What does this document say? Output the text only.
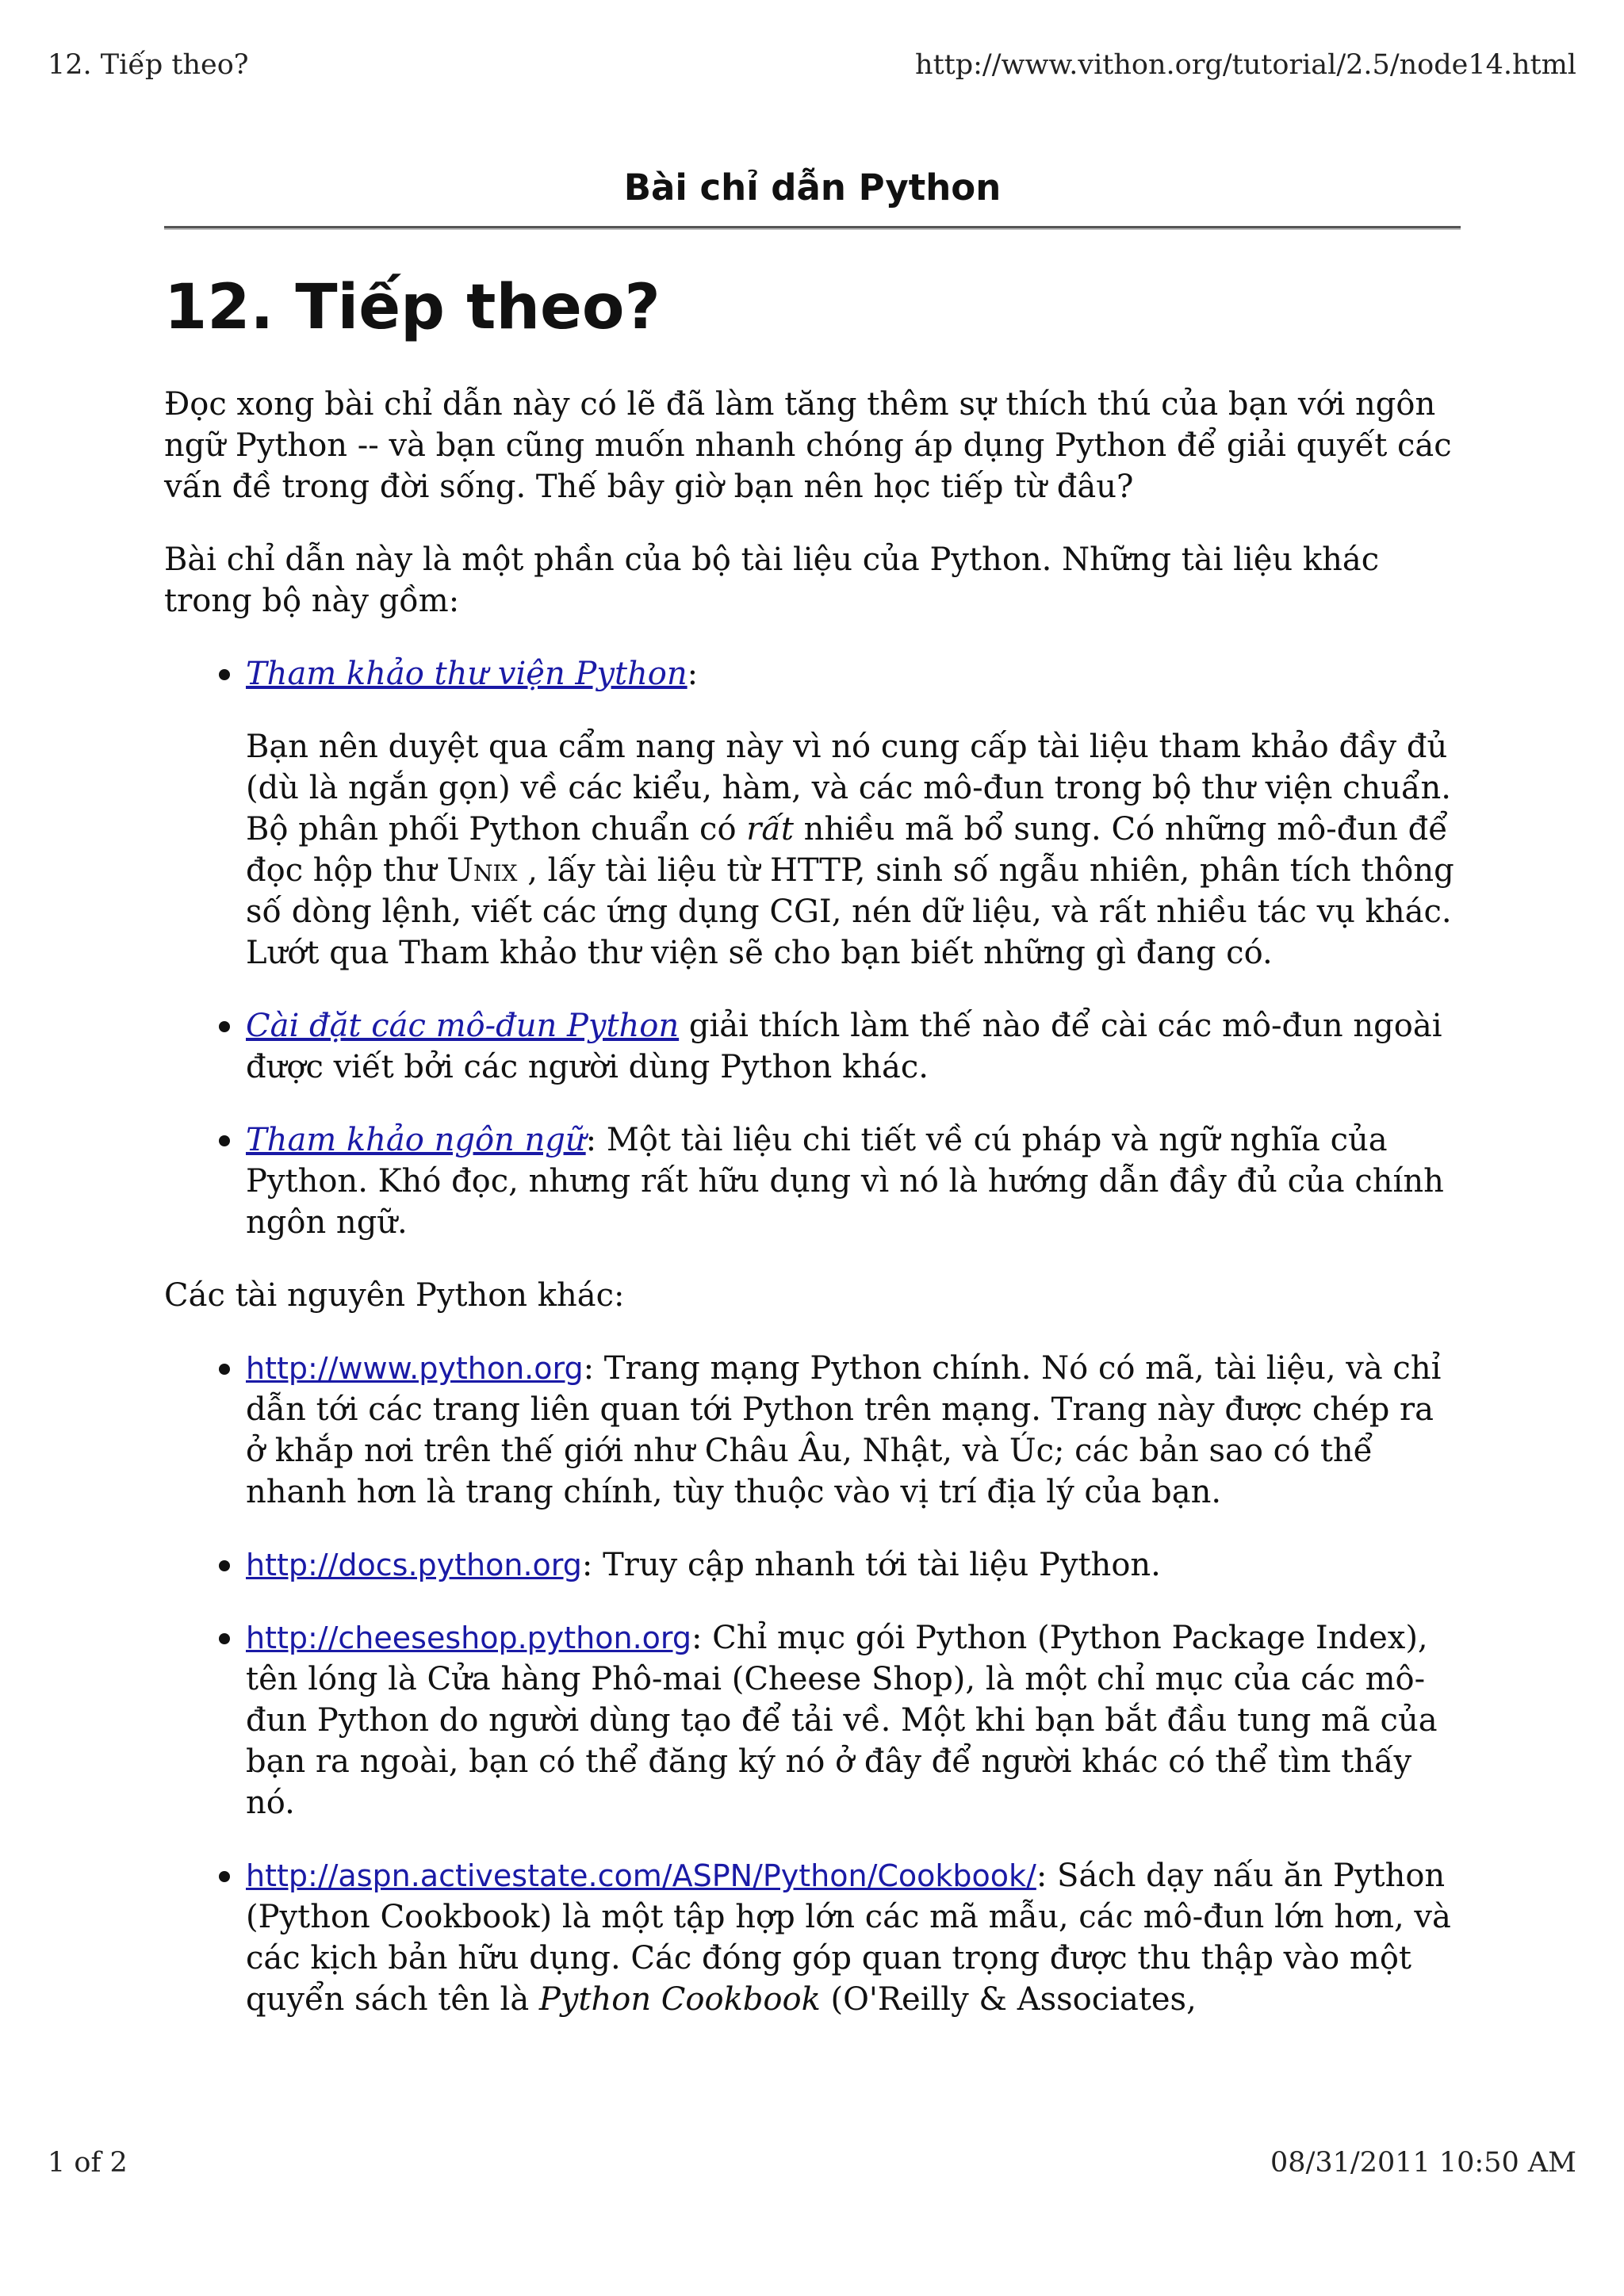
12. Tiếp theo?	http://www.vithon.org/tutorial/2.5/node14.html
Bài chỉ dẫn Python
12. Tiếp theo?

Đọc xong bài chỉ dẫn này có lẽ đã làm tăng thêm sự thích thú của bạn với ngôn ngữ Python -- và bạn cũng muốn nhanh chóng áp dụng Python để giải quyết các vấn đề trong đời sống. Thế bây giờ bạn nên học tiếp từ đâu?

Bài chỉ dẫn này là một phần của bộ tài liệu của Python. Những tài liệu khác trong bộ này gồm:

Tham khảo thư viện Python:

Bạn nên duyệt qua cẩm nang này vì nó cung cấp tài liệu tham khảo đầy đủ (dù là ngắn gọn) về các kiểu, hàm, và các mô-đun trong bộ thư viện chuẩn. Bộ phân phối Python chuẩn có rất nhiều mã bổ sung. Có những mô-đun để đọc hộp thư Unix , lấy tài liệu từ HTTP, sinh số ngẫu nhiên, phân tích thông số dòng lệnh, viết các ứng dụng CGI, nén dữ liệu, và rất nhiều tác vụ khác. Lướt qua Tham khảo thư viện sẽ cho bạn biết những gì đang có.

Cài đặt các mô-đun Python giải thích làm thế nào để cài các mô-đun ngoài được viết bởi các người dùng Python khác.
Tham khảo ngôn ngữ: Một tài liệu chi tiết về cú pháp và ngữ nghĩa của Python. Khó đọc, nhưng rất hữu dụng vì nó là hướng dẫn đầy đủ của chính ngôn ngữ.

Các tài nguyên Python khác:

http://www.python.org: Trang mạng Python chính. Nó có mã, tài liệu, và chỉ dẫn tới các trang liên quan tới Python trên mạng. Trang này được chép ra ở khắp nơi trên thế giới như Châu Âu, Nhật, và Úc; các bản sao có thể nhanh hơn là trang chính, tùy thuộc vào vị trí địa lý của bạn.
http://docs.python.org: Truy cập nhanh tới tài liệu Python.
http://cheeseshop.python.org: Chỉ mục gói Python (Python Package Index), tên lóng là Cửa hàng Phô-mai (Cheese Shop), là một chỉ mục của các mô-đun Python do người dùng tạo để tải về. Một khi bạn bắt đầu tung mã của bạn ra ngoài, bạn có thể đăng ký nó ở đây để người khác có thể tìm thấy nó.
http://aspn.activestate.com/ASPN/Python/Cookbook/: Sách dạy nấu ăn Python (Python Cookbook) là một tập hợp lớn các mã mẫu, các mô-đun lớn hơn, và các kịch bản hữu dụng. Các đóng góp quan trọng được thu thập vào một quyển sách tên là Python Cookbook (O'Reilly & Associates,
1 of 2	08/31/2011 10:50 AM
